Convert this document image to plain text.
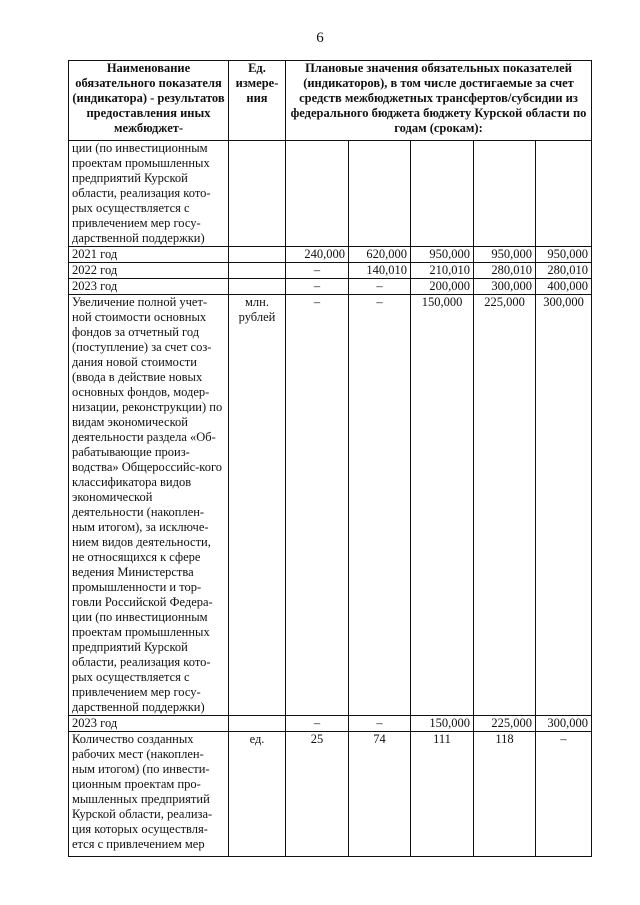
6
Наименование обязательного показателя (индикатора) - результатов предоставления иных межбюджет-	Ед. измере-ния	Плановые значения обязательных показателей (индикаторов), в том числе достигаемые за счет средств межбюджетных трансфертов/субсидии из федерального бюджета бюджету Курской области по годам (срокам):				
ции (по инвестиционным проектам промышленных предприятий Курской области, реализация кото-рых осуществляется с привлечением мер госу-дарственной поддержки)						
2021 год		240,000	620,000	950,000	950,000	950,000
2022 год		–	140,010	210,010	280,010	280,010
2023 год		–	–	200,000	300,000	400,000
Увеличение полной учет-ной стоимости основных фондов за отчетный год (поступление) за счет соз-дания новой стоимости (ввода в действие новых основных фондов, модер-низации, реконструкции) по видам экономической деятельности раздела «Об-рабатывающие произ-водства» Общероссийс-кого классификатора видов экономической деятельности (накоплен-ным итогом), за исключе-нием видов деятельности, не относящихся к сфере ведения Министерства промышленности и тор-говли Российской Федера-ции (по инвестиционным проектам промышленных предприятий Курской области, реализация кото-рых осуществляется с привлечением мер госу-дарственной поддержки)	млн. рублей	–	–	150,000	225,000	300,000
2023 год		–	–	150,000	225,000	300,000
Количество созданных рабочих мест (накоплен-ным итогом) (по инвести-ционным проектам про-мышленных предприятий Курской области, реализа-ция которых осуществля-ется с привлечением мер	ед.	25	74	111	118	–
